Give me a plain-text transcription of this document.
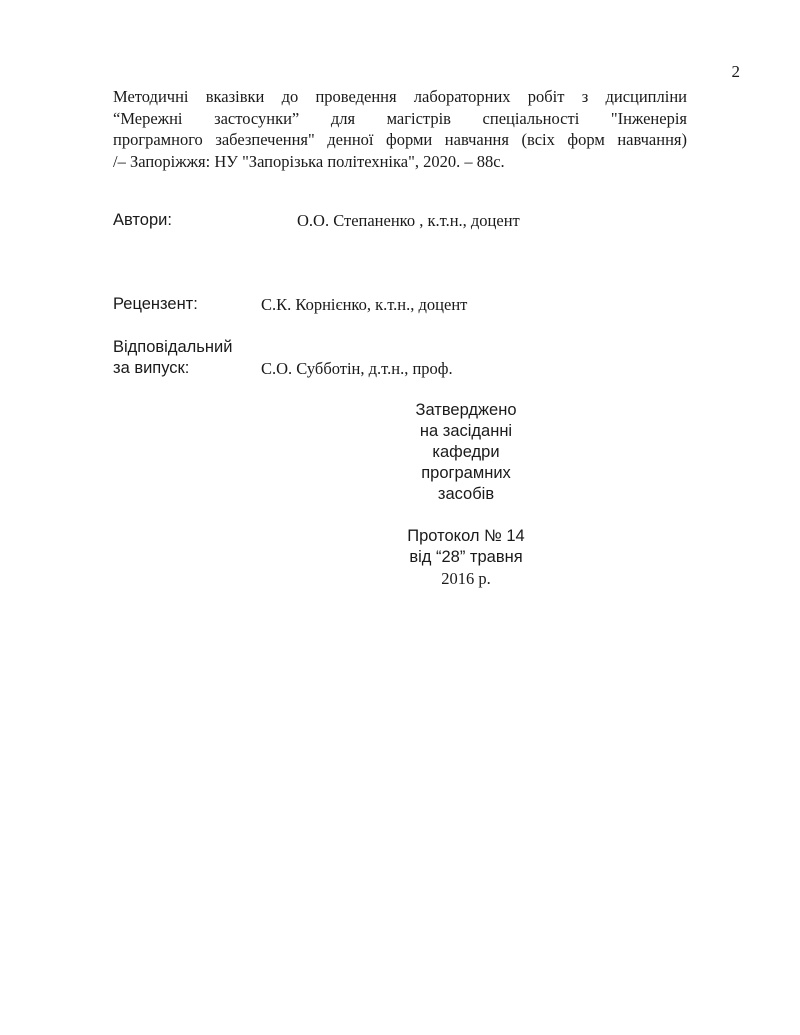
2
Методичні вказівки до проведення лабораторних робіт з дисципліни
“Мережні застосунки” для магістрів спеціальності "Інженерія
програмного забезпечення" денної форми навчання (всіх форм навчання)
/– Запоріжжя: НУ "Запорізька політехніка", 2020. – 88с.
Автори:	О.О. Степаненко , к.т.н., доцент
Рецензент:	С.К. Корнієнко, к.т.н., доцент
Відповідальний
за випуск:	С.О. Субботін, д.т.н., проф.
Затверджено
на засіданні
кафедри
програмних
засобів
Протокол № 14
від “28” травня
2016 р.
